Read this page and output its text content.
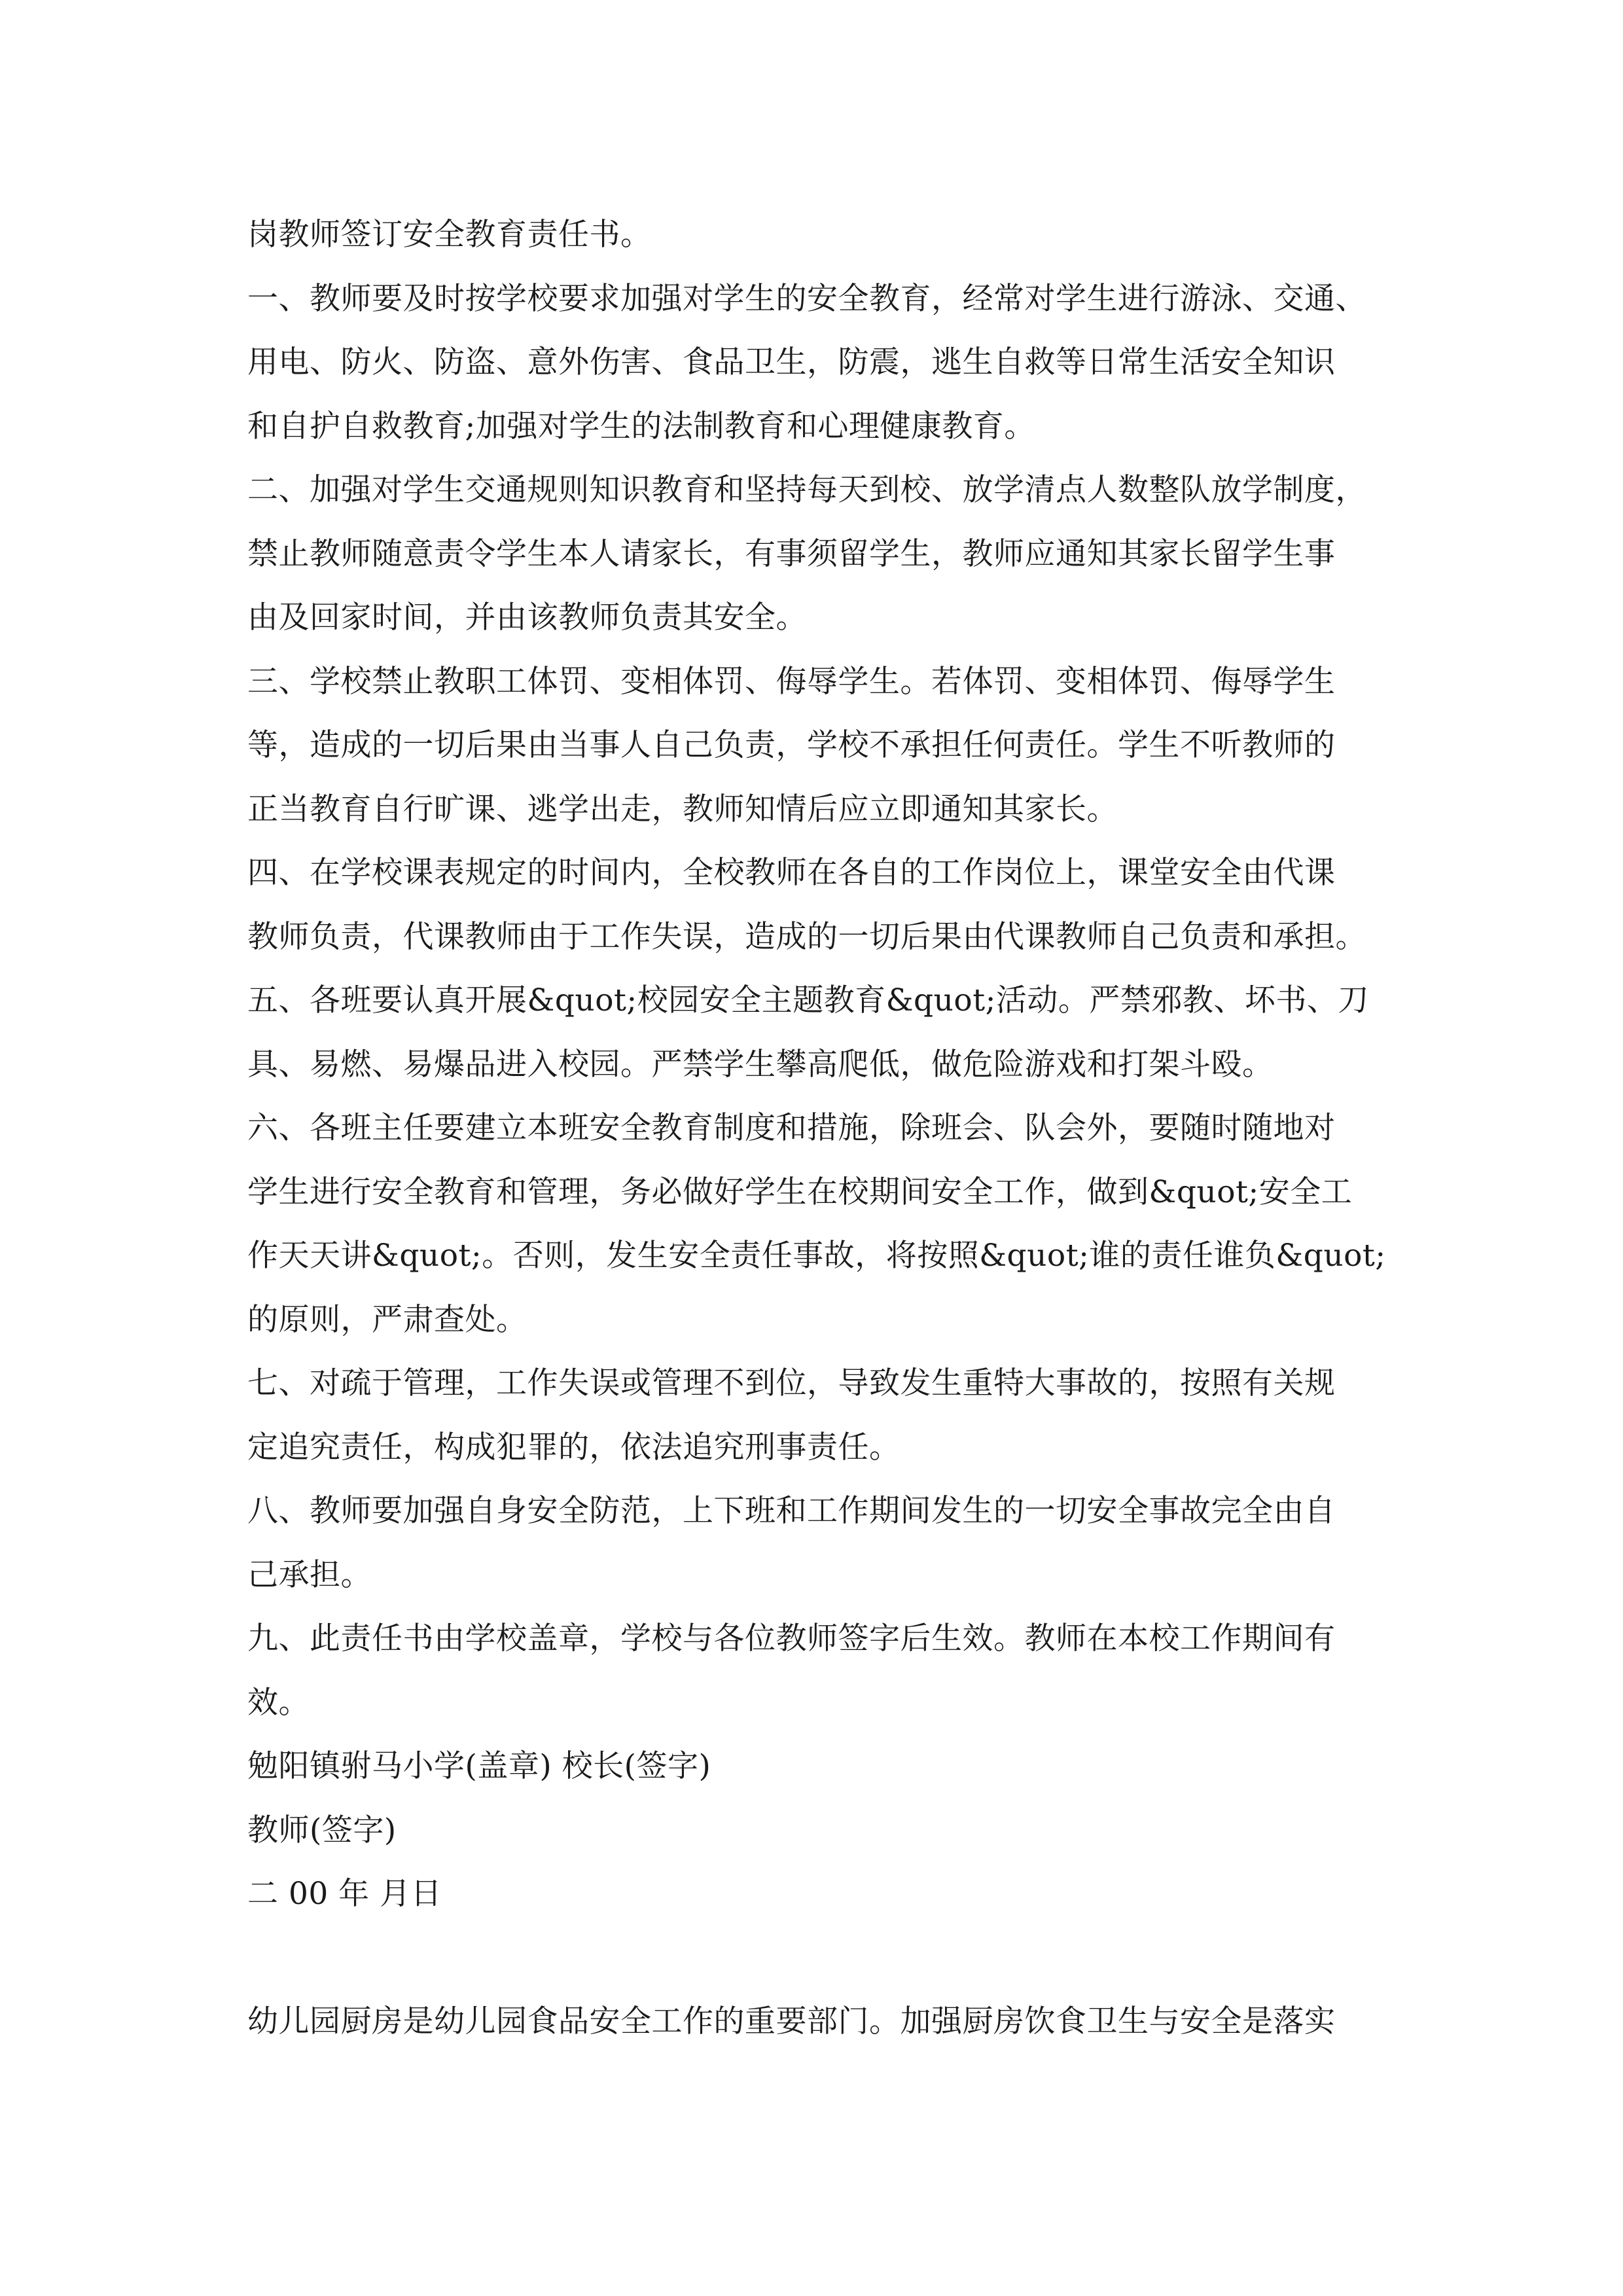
岗教师签订安全教育责任书。
一、教师要及时按学校要求加强对学生的安全教育，经常对学生进行游泳、交通、
用电、防火、防盗、意外伤害、食品卫生，防震，逃生自救等日常生活安全知识
和自护自救教育;加强对学生的法制教育和心理健康教育。
二、加强对学生交通规则知识教育和坚持每天到校、放学清点人数整队放学制度，
禁止教师随意责令学生本人请家长，有事须留学生，教师应通知其家长留学生事
由及回家时间，并由该教师负责其安全。
三、学校禁止教职工体罚、变相体罚、侮辱学生。若体罚、变相体罚、侮辱学生
等，造成的一切后果由当事人自己负责，学校不承担任何责任。学生不听教师的
正当教育自行旷课、逃学出走，教师知情后应立即通知其家长。
四、在学校课表规定的时间内，全校教师在各自的工作岗位上，课堂安全由代课
教师负责，代课教师由于工作失误，造成的一切后果由代课教师自己负责和承担。
五、各班要认真开展&quot;校园安全主题教育&quot;活动。严禁邪教、坏书、刀
具、易燃、易爆品进入校园。严禁学生攀高爬低，做危险游戏和打架斗殴。
六、各班主任要建立本班安全教育制度和措施，除班会、队会外，要随时随地对
学生进行安全教育和管理，务必做好学生在校期间安全工作，做到&quot;安全工
作天天讲&quot;。否则，发生安全责任事故，将按照&quot;谁的责任谁负&quot;
的原则，严肃查处。
七、对疏于管理，工作失误或管理不到位，导致发生重特大事故的，按照有关规
定追究责任，构成犯罪的，依法追究刑事责任。
八、教师要加强自身安全防范，上下班和工作期间发生的一切安全事故完全由自
己承担。
九、此责任书由学校盖章，学校与各位教师签字后生效。教师在本校工作期间有
效。
勉阳镇驸马小学(盖章) 校长(签字)
教师(签字)
二 00 年 月日
幼儿园厨房是幼儿园食品安全工作的重要部门。加强厨房饮食卫生与安全是落实
